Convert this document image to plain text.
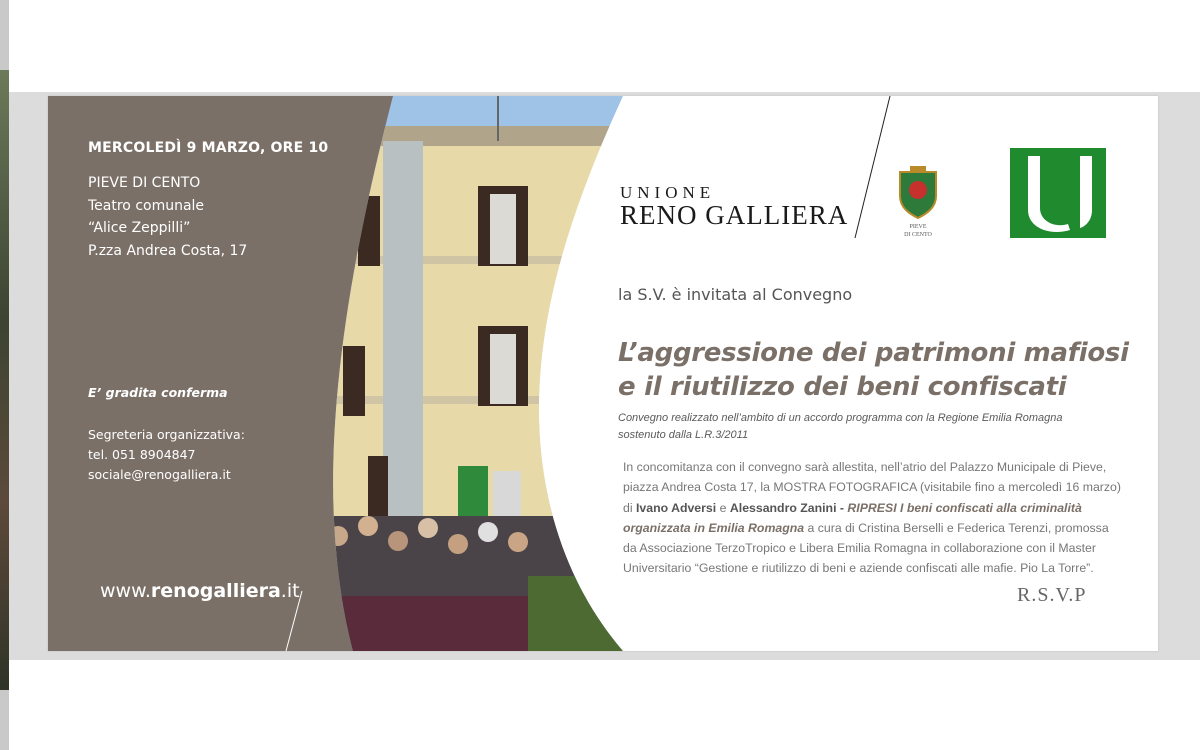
MERCOLEDÌ 9 MARZO, ORE 10
PIEVE DI CENTO
Teatro comunale
“Alice Zeppilli”
P.zza Andrea Costa, 17
E’ gradita conferma
Segreteria organizzativa:
tel. 051 8904847
sociale@renogalliera.it
www.renogalliera.it
UNIONE
RENO GALLIERA	PIEVE
DI CENTO
la S.V. è invitata al Convegno
L’aggressione dei patrimoni mafiosi
e il riutilizzo dei beni confiscati
Convegno realizzato nell’ambito di un accordo programma con la Regione Emilia Romagna
sostenuto dalla L.R.3/2011
In concomitanza con il convegno sarà allestita, nell’atrio del Palazzo Municipale di Pieve, piazza Andrea Costa 17, la MOSTRA FOTOGRAFICA (visitabile fino a mercoledì 16 marzo) di Ivano Adversi e Alessandro Zanini - RIPRESI I beni confiscati alla criminalità organizzata in Emilia Romagna a cura di Cristina Berselli e Federica Terenzi, promossa da Associazione TerzoTropico e Libera Emilia Romagna in collaborazione con il Master Universitario “Gestione e riutilizzo di beni e aziende confiscati alle mafie. Pio La Torre”.
R.S.V.P
